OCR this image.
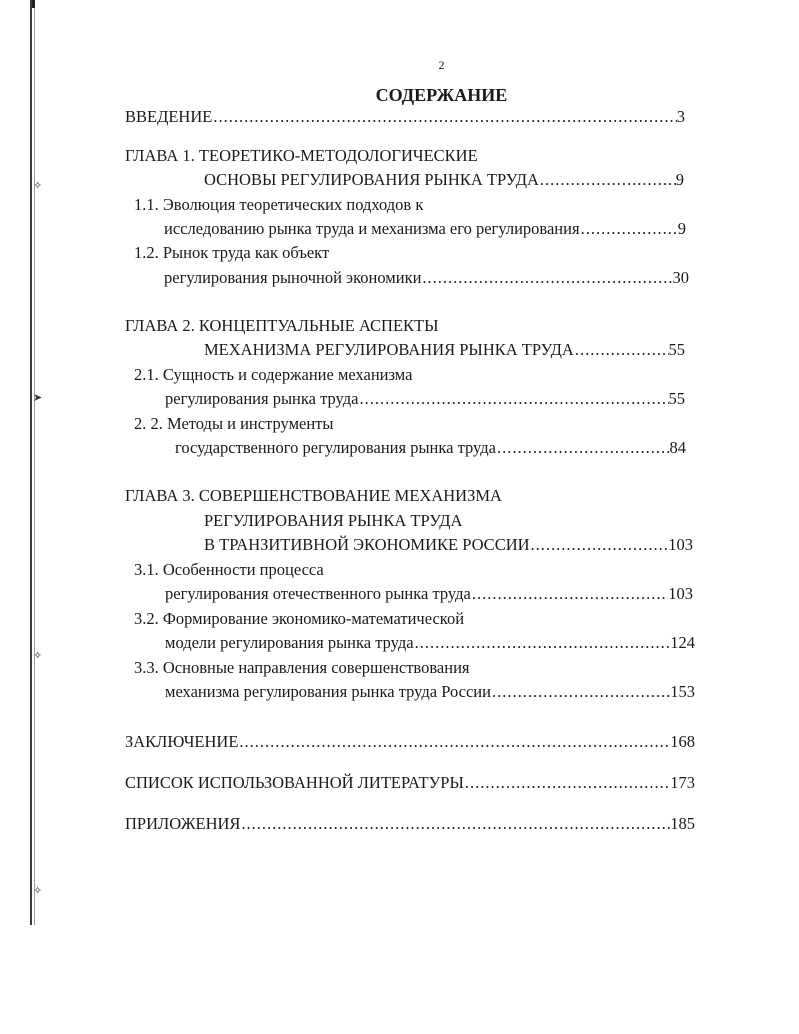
✧
➤
✧
✧
2
СОДЕРЖАНИЕ
ВВЕДЕНИЕ .....	3
ГЛАВА 1. ТЕОРЕТИКО-МЕТОДОЛОГИЧЕСКИЕ
ОСНОВЫ РЕГУЛИРОВАНИЯ РЫНКА ТРУДА .....	9
1.1. Эволюция теоретических подходов к
исследованию рынка труда и механизма его регулирования .....	9
1.2. Рынок труда как объект
регулирования рыночной экономики .....	30
ГЛАВА 2. КОНЦЕПТУАЛЬНЫЕ АСПЕКТЫ
МЕХАНИЗМА РЕГУЛИРОВАНИЯ РЫНКА ТРУДА .....	55
2.1. Сущность и содержание механизма
регулирования рынка труда .....	55
2. 2. Методы и инструменты
государственного регулирования рынка труда .....	84
ГЛАВА 3. СОВЕРШЕНСТВОВАНИЕ МЕХАНИЗМА
РЕГУЛИРОВАНИЯ РЫНКА ТРУДА
В ТРАНЗИТИВНОЙ ЭКОНОМИКЕ РОССИИ .....	103
3.1. Особенности процесса
регулирования отечественного рынка труда .....	103
3.2. Формирование экономико-математической
модели регулирования рынка труда .....	124
3.3. Основные направления совершенствования
механизма регулирования рынка труда России .....	153
ЗАКЛЮЧЕНИЕ .....	168
СПИСОК ИСПОЛЬЗОВАННОЙ ЛИТЕРАТУРЫ .....	173
ПРИЛОЖЕНИЯ .....	185
